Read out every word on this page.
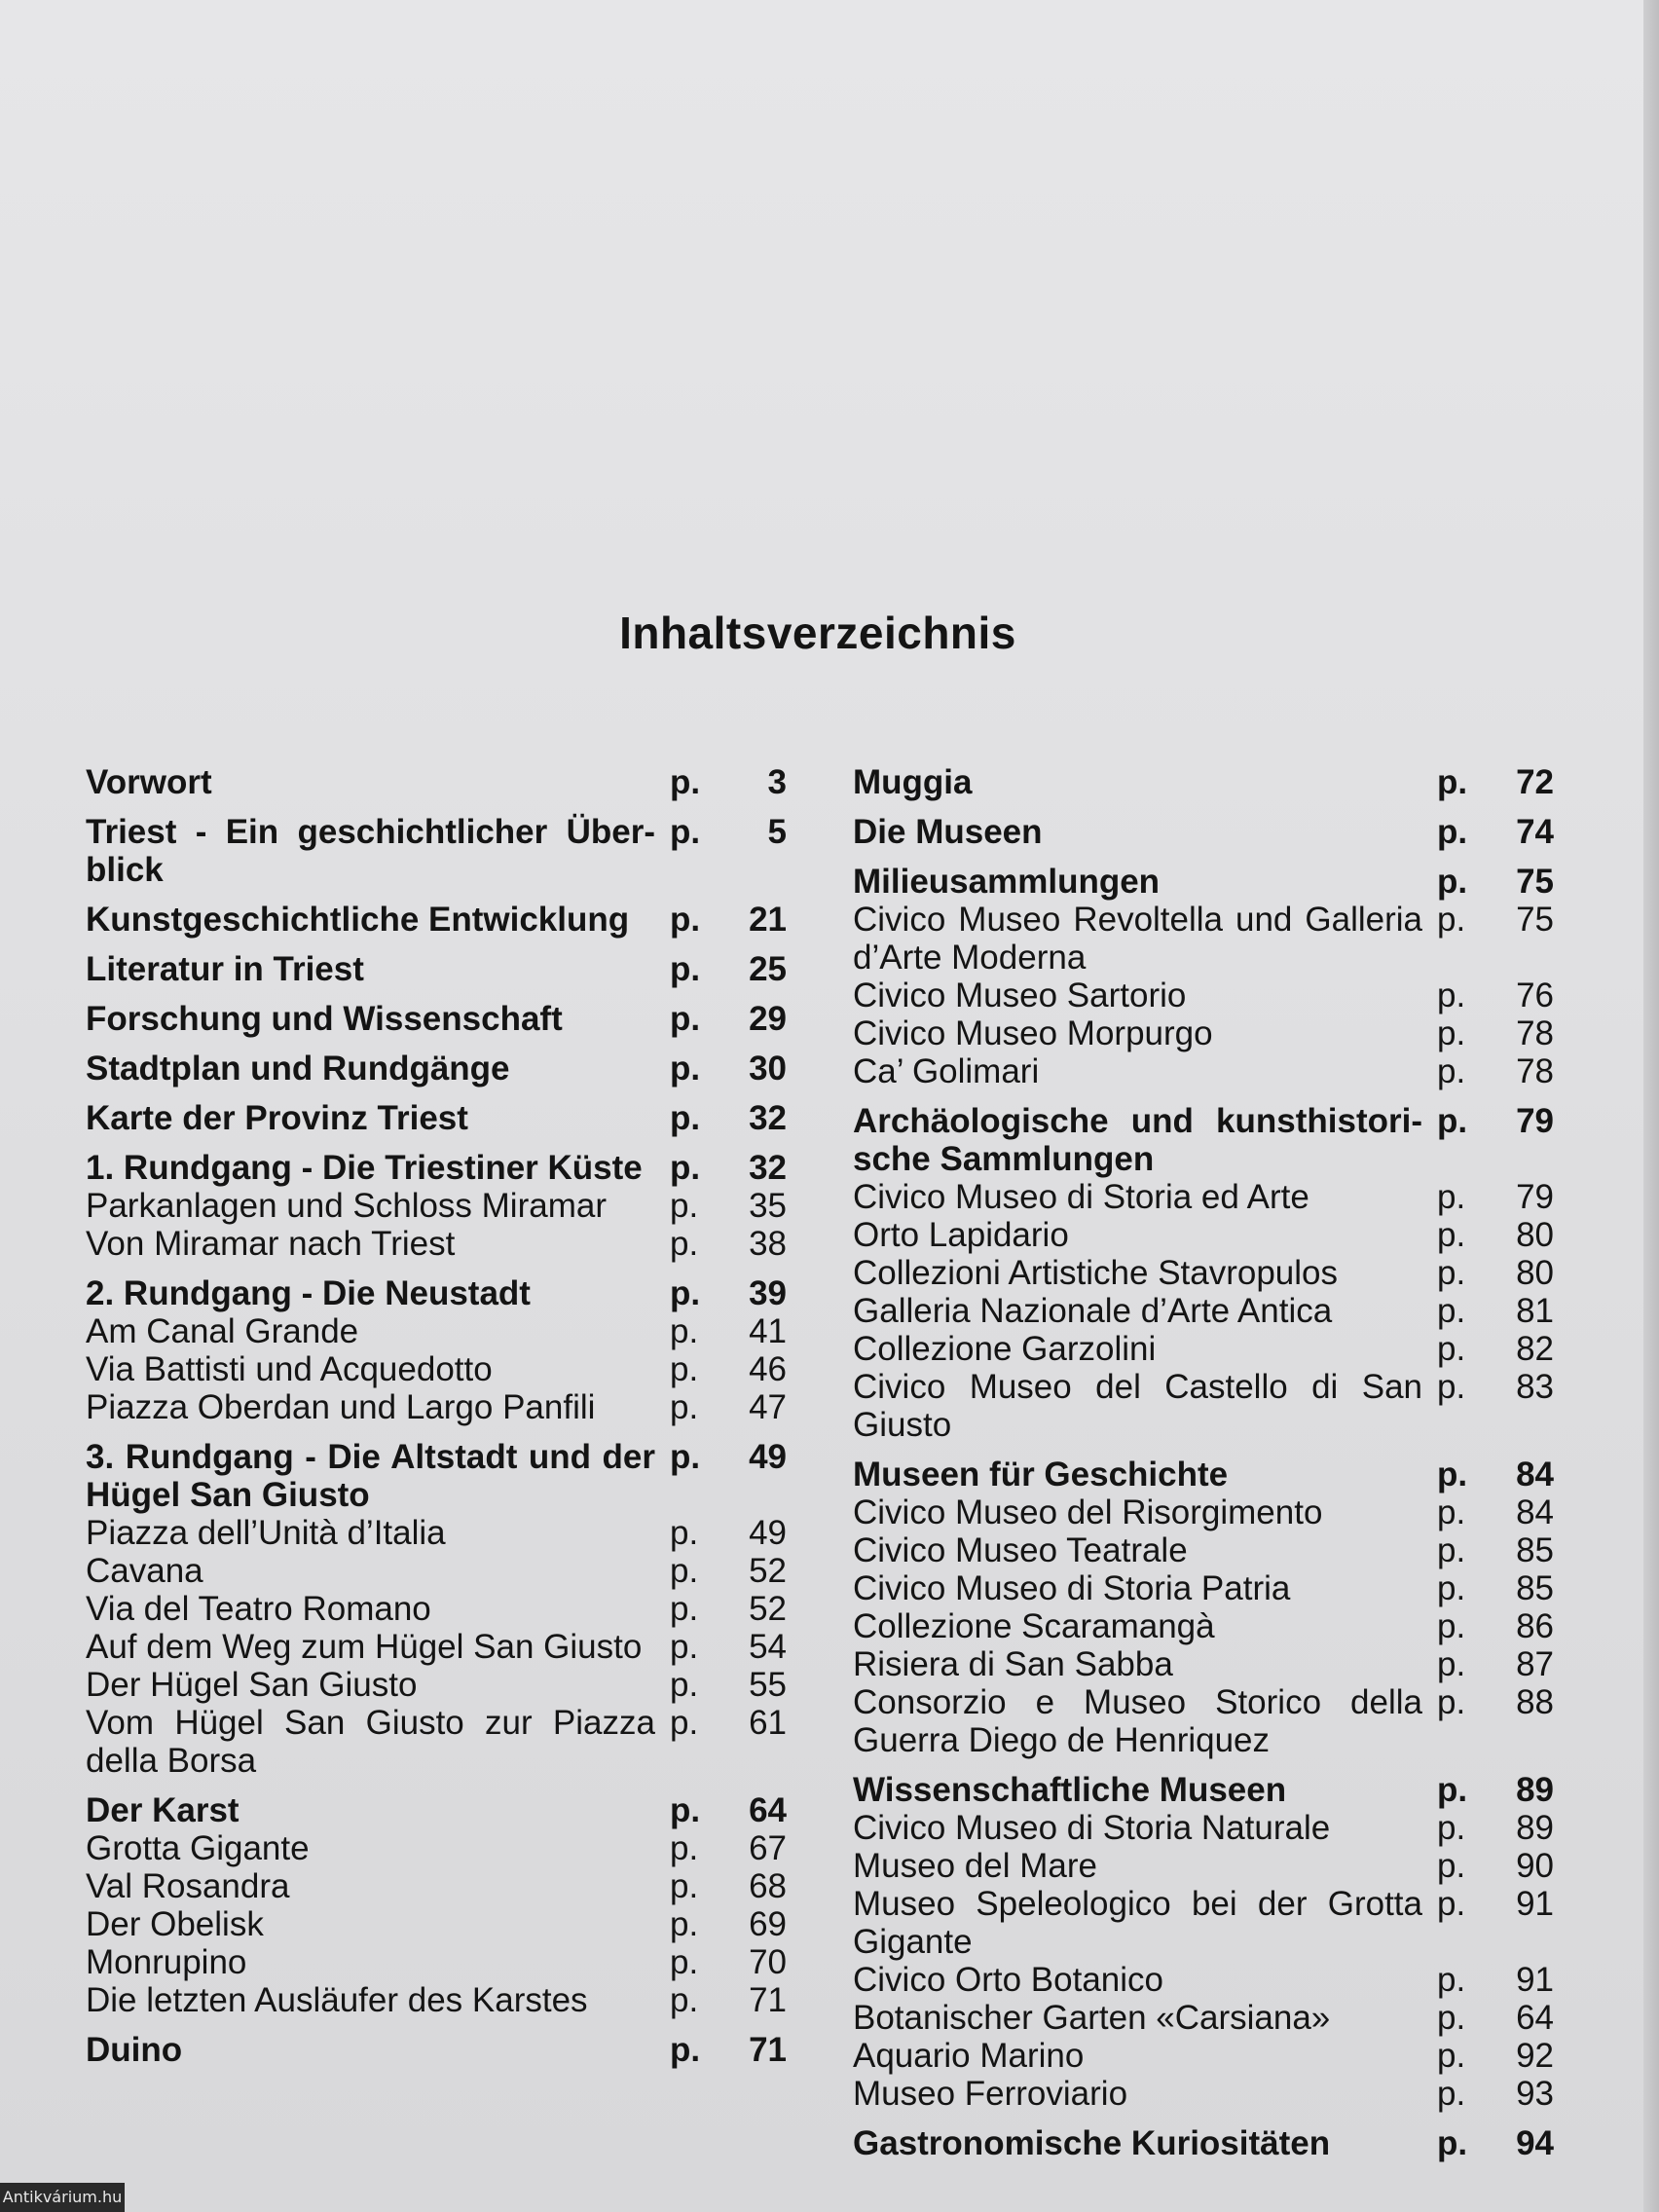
Inhaltsverzeichnis
Vorwort	p.	3
Triest - Ein geschichtlicher Überblick
p.	5
Kunstgeschichtliche Entwicklung	p.	21
Literatur in Triest	p.	25
Forschung und Wissenschaft	p.	29
Stadtplan und Rundgänge	p.	30
Karte der Provinz Triest	p.	32
1. Rundgang - Die Triestiner Küste p.	32
Parkanlagen und Schloss Miramar	p.	35
Von Miramar nach Triest	p.	38
2. Rundgang - Die Neustadt	p.	39
Am Canal Grande	p.	41
Via Battisti und Acquedotto	p.	46
Piazza Oberdan und Largo Panfili	p.	47
3. Rundgang - Die Altstadt und der Hügel San Giusto
p.	49
Piazza dell’Unità d’Italia	p.	49
Cavana	p.	52
Via del Teatro Romano	p.	52
Auf dem Weg zum Hügel San Giusto p.	54
Der Hügel San Giusto	p.	55
Vom Hügel San Giusto zur Piazza della Borsa
p.	61
Der Karst	p.	64
Grotta Gigante	p.	67
Val Rosandra	p.	68
Der Obelisk	p.	69
Monrupino	p.	70
Die letzten Ausläufer des Karstes	p.	71
Duino	p.	71
Muggia	p.	72
Die Museen	p.	74
Milieusammlungen	p.	75
Civico Museo Revoltella und Galleria d’Arte Moderna
p.	75
Civico Museo Sartorio	p.	76
Civico Museo Morpurgo	p.	78
Ca’ Golimari	p.	78
Archäologische und kunsthistorische Sammlungen
p.	79
Civico Museo di Storia ed Arte	p.	79
Orto Lapidario	p.	80
Collezioni Artistiche Stavropulos	p.	80
Galleria Nazionale d’Arte Antica	p.	81
Collezione Garzolini	p.	82
Civico Museo del Castello di San Giusto
p.	83
Museen für Geschichte	p.	84
Civico Museo del Risorgimento	p.	84
Civico Museo Teatrale	p.	85
Civico Museo di Storia Patria	p.	85
Collezione Scaramangà	p.	86
Risiera di San Sabba	p.	87
Consorzio e Museo Storico della Guerra Diego de Henriquez
p.	88
Wissenschaftliche Museen	p.	89
Civico Museo di Storia Naturale	p.	89
Museo del Mare	p.	90
Museo Speleologico bei der Grotta Gigante
p.	91
Civico Orto Botanico	p.	91
Botanischer Garten «Carsiana»	p.	64
Aquario Marino	p.	92
Museo Ferroviario	p.	93
Gastronomische Kuriositäten	p.	94
Antikvárium.hu
